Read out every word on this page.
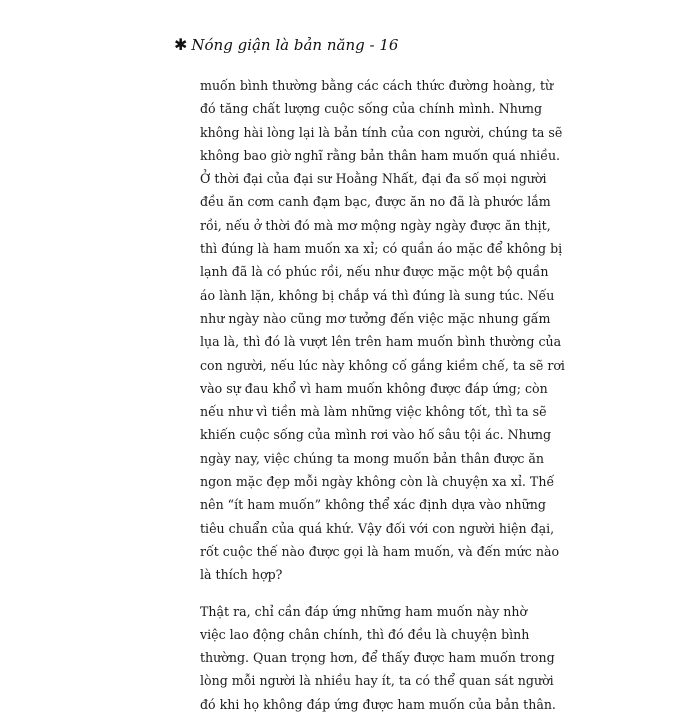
✱ Nóng giận là bản năng - 16
muốn bình thường bằng các cách thức đường hoàng, từ
đó tăng chất lượng cuộc sống của chính mình. Nhưng
không hài lòng lại là bản tính của con người, chúng ta sẽ
không bao giờ nghĩ rằng bản thân ham muốn quá nhiều.
Ở thời đại của đại sư Hoằng Nhất, đại đa số mọi người
đều ăn cơm canh đạm bạc, được ăn no đã là phước lắm
rồi, nếu ở thời đó mà mơ mộng ngày ngày được ăn thịt,
thì đúng là ham muốn xa xỉ; có quần áo mặc để không bị
lạnh đã là có phúc rồi, nếu như được mặc một bộ quần
áo lành lặn, không bị chắp vá thì đúng là sung túc. Nếu
như ngày nào cũng mơ tưởng đến việc mặc nhung gấm
lụa là, thì đó là vượt lên trên ham muốn bình thường của
con người, nếu lúc này không cố gắng kiềm chế, ta sẽ rơi
vào sự đau khổ vì ham muốn không được đáp ứng; còn
nếu như vì tiền mà làm những việc không tốt, thì ta sẽ
khiến cuộc sống của mình rơi vào hố sâu tội ác. Nhưng
ngày nay, việc chúng ta mong muốn bản thân được ăn
ngon mặc đẹp mỗi ngày không còn là chuyện xa xỉ. Thế
nên “ít ham muốn” không thể xác định dựa vào những
tiêu chuẩn của quá khứ. Vậy đối với con người hiện đại,
rốt cuộc thế nào được gọi là ham muốn, và đến mức nào
là thích hợp?
Thật ra, chỉ cần đáp ứng những ham muốn này nhờ
việc lao động chân chính, thì đó đều là chuyện bình
thường. Quan trọng hơn, để thấy được ham muốn trong
lòng mỗi người là nhiều hay ít, ta có thể quan sát người
đó khi họ không đáp ứng được ham muốn của bản thân.
